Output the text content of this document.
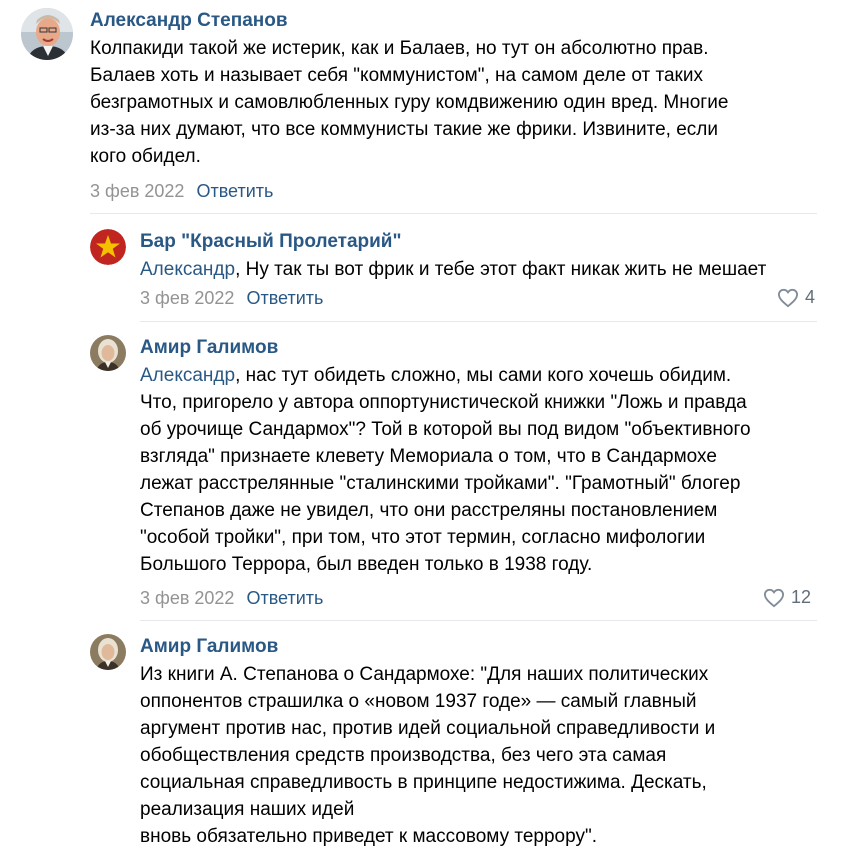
Александр Степанов
Колпакиди такой же истерик, как и Балаев, но тут он абсолютно прав.
Балаев хоть и называет себя "коммунистом", на самом деле от таких
безграмотных и самовлюбленных гуру комдвижению один вред. Многие
из-за них думают, что все коммунисты такие же фрики. Извините, если
кого обидел.
3 фев 2022 Ответить
Бар "Красный Пролетарий"
Александр, Ну так ты вот фрик и тебе этот факт никак жить не мешает
3 фев 2022 Ответить	4
Амир Галимов
Александр, нас тут обидеть сложно, мы сами кого хочешь обидим.
Что, пригорело у автора оппортунистической книжки "Ложь и правда
об урочище Сандармох"? Той в которой вы под видом "объективного
взгляда" признаете клевету Мемориала о том, что в Сандармохе
лежат расстрелянные "сталинскими тройками". "Грамотный" блогер
Степанов даже не увидел, что они расстреляны постановлением
"особой тройки", при том, что этот термин, согласно мифологии
Большого Террора, был введен только в 1938 году.
3 фев 2022 Ответить	12
Амир Галимов
Из книги А. Степанова о Сандармохе: "Для наших политических
оппонентов страшилка о «новом 1937 годе» — самый главный
аргумент против нас, против идей социальной справедливости и
обобществления средств производства, без чего эта самая
социальная справедливость в принципе недостижима. Дескать,
реализация наших идей
вновь обязательно приведет к массовому террору".
